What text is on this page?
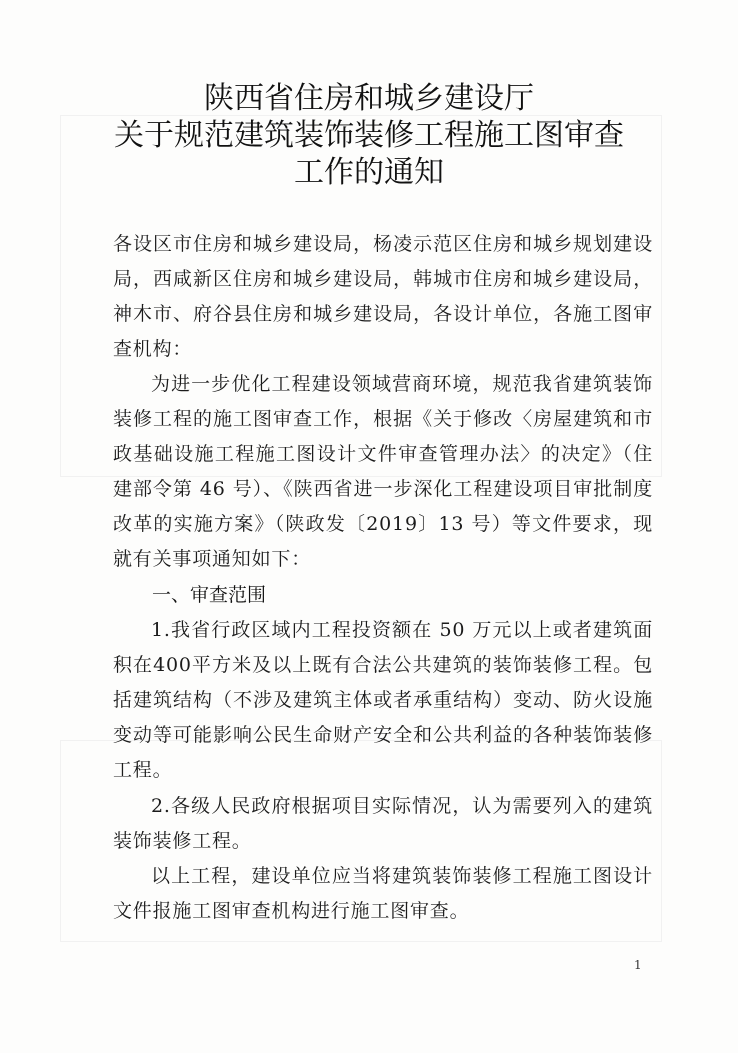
陕西省住房和城乡建设厅
关于规范建筑装饰装修工程施工图审查
工作的通知
各设区市住房和城乡建设局，杨凌示范区住房和城乡规划建设局，西咸新区住房和城乡建设局，韩城市住房和城乡建设局，神木市、府谷县住房和城乡建设局，各设计单位，各施工图审查机构：
为进一步优化工程建设领域营商环境，规范我省建筑装饰装修工程的施工图审查工作，根据《关于修改〈房屋建筑和市政基础设施工程施工图设计文件审查管理办法〉的决定》（住建部令第 46 号）、《陕西省进一步深化工程建设项目审批制度改革的实施方案》（陕政发〔2019〕13 号）等文件要求，现就有关事项通知如下：
一、审查范围
1.我省行政区域内工程投资额在 50 万元以上或者建筑面积在400平方米及以上既有合法公共建筑的装饰装修工程。包括建筑结构（不涉及建筑主体或者承重结构）变动、防火设施变动等可能影响公民生命财产安全和公共利益的各种装饰装修工程。
2.各级人民政府根据项目实际情况，认为需要列入的建筑装饰装修工程。
以上工程，建设单位应当将建筑装饰装修工程施工图设计文件报施工图审查机构进行施工图审查。
1
